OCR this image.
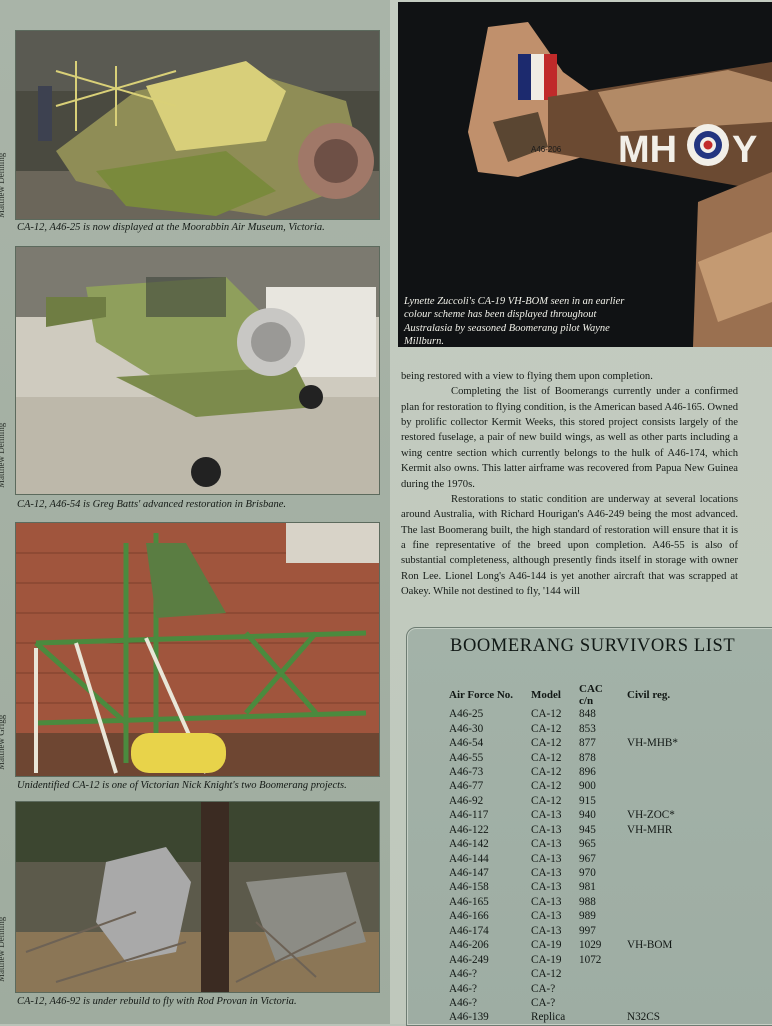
CA-12, A46-25 is now displayed at the Moorabbin Air Museum, Victoria.
CA-12, A46-54 is Greg Batts' advanced restoration in Brisbane.
Unidentified CA-12 is one of Victorian Nick Knight's two Boomerang projects.
CA-12, A46-92 is under rebuild to fly with Rod Provan in Victoria.
MH Y
A46-206
Lynette Zuccoli's CA-19 VH-BOM seen in an earlier colour scheme has been displayed throughout Australasia by seasoned Boomerang pilot Wayne Millburn.

being restored with a view to flying them upon completion.

Completing the list of Boomerangs currently under a confirmed plan for restoration to flying condition, is the American based A46-165. Owned by prolific collector Kermit Weeks, this stored project consists largely of the restored fuselage, a pair of new build wings, as well as other parts including a wing centre section which currently belongs to the hulk of A46-174, which Kermit also owns. This latter airframe was recovered from Papua New Guinea during the 1970s.

Restorations to static condition are underway at several locations around Australia, with Richard Hourigan's A46-249 being the most advanced. The last Boomerang built, the high standard of restoration will ensure that it is a fine representative of the breed upon completion. A46-55 is also of substantial completeness, although presently finds itself in storage with owner Ron Lee. Lionel Long's A46-144 is yet another aircraft that was scrapped at Oakey. While not destined to fly, '144 will

BOOMERANG SURVIVORS LIST
Air Force No.	Model	CAC c/n	Civil reg.
A46-25	CA-12	848	
A46-30	CA-12	853	
A46-54	CA-12	877	VH-MHB*
A46-55	CA-12	878	
A46-73	CA-12	896	
A46-77	CA-12	900	
A46-92	CA-12	915	
A46-117	CA-13	940	VH-ZOC*
A46-122	CA-13	945	VH-MHR
A46-142	CA-13	965	
A46-144	CA-13	967	
A46-147	CA-13	970	
A46-158	CA-13	981	
A46-165	CA-13	988	
A46-166	CA-13	989	
A46-174	CA-13	997	
A46-206	CA-19	1029	VH-BOM
A46-249	CA-19	1072	
A46-?	CA-12		
A46-?	CA-?		
A46-?	CA-?		
A46-139	Replica		N32CS
